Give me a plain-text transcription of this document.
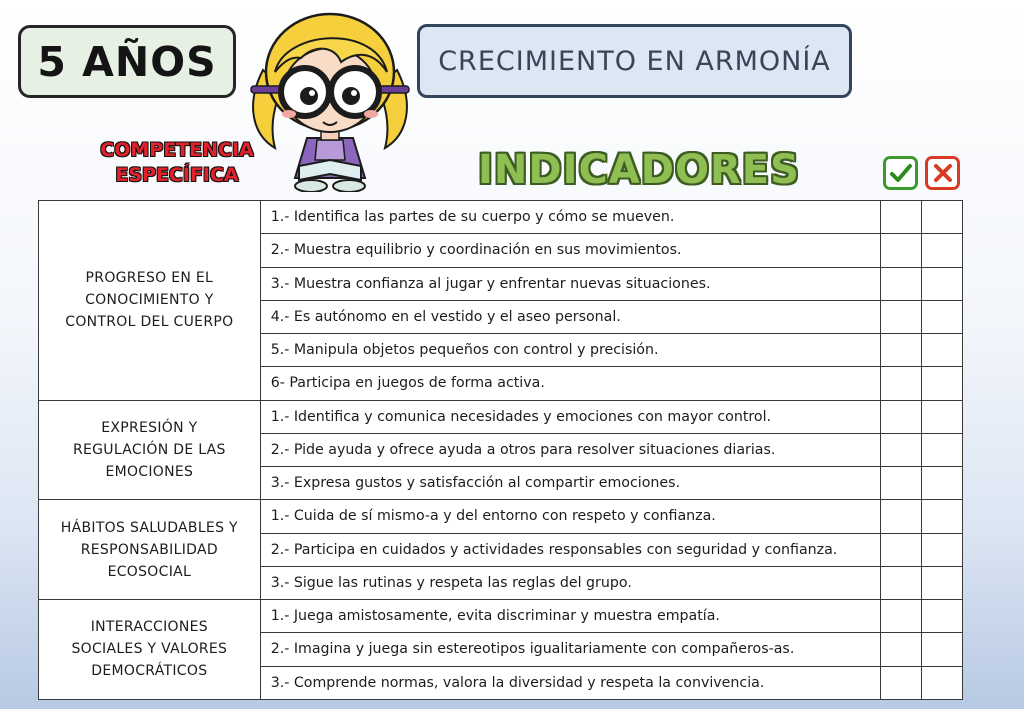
5 AÑOS	CRECIMIENTO EN ARMONÍA
COMPETENCIA
ESPECÍFICA	INDICADORES
PROGRESO EN EL CONOCIMIENTO Y CONTROL DEL CUERPO	1.- Identifica las partes de su cuerpo y cómo se mueven.		
	2.- Muestra equilibrio y coordinación en sus movimientos.		
	3.- Muestra confianza al jugar y enfrentar nuevas situaciones.		
	4.- Es autónomo en el vestido y el aseo personal.		
	5.- Manipula objetos pequeños con control y precisión.		
	6- Participa en juegos de forma activa.		
EXPRESIÓN Y REGULACIÓN DE LAS EMOCIONES	1.- Identifica y comunica necesidades y emociones con mayor control.		
	2.- Pide ayuda y ofrece ayuda a otros para resolver situaciones diarias.		
	3.- Expresa gustos y satisfacción al compartir emociones.		
HÁBITOS SALUDABLES Y RESPONSABILIDAD ECOSOCIAL	1.- Cuida de sí mismo-a y del entorno con respeto y confianza.		
	2.- Participa en cuidados y actividades responsables con seguridad y confianza.		
	3.- Sigue las rutinas y respeta las reglas del grupo.		
INTERACCIONES SOCIALES Y VALORES DEMOCRÁTICOS	1.- Juega amistosamente, evita discriminar y muestra empatía.		
	2.- Imagina y juega sin estereotipos igualitariamente con compañeros-as.		
	3.- Comprende normas, valora la diversidad y respeta la convivencia.		
